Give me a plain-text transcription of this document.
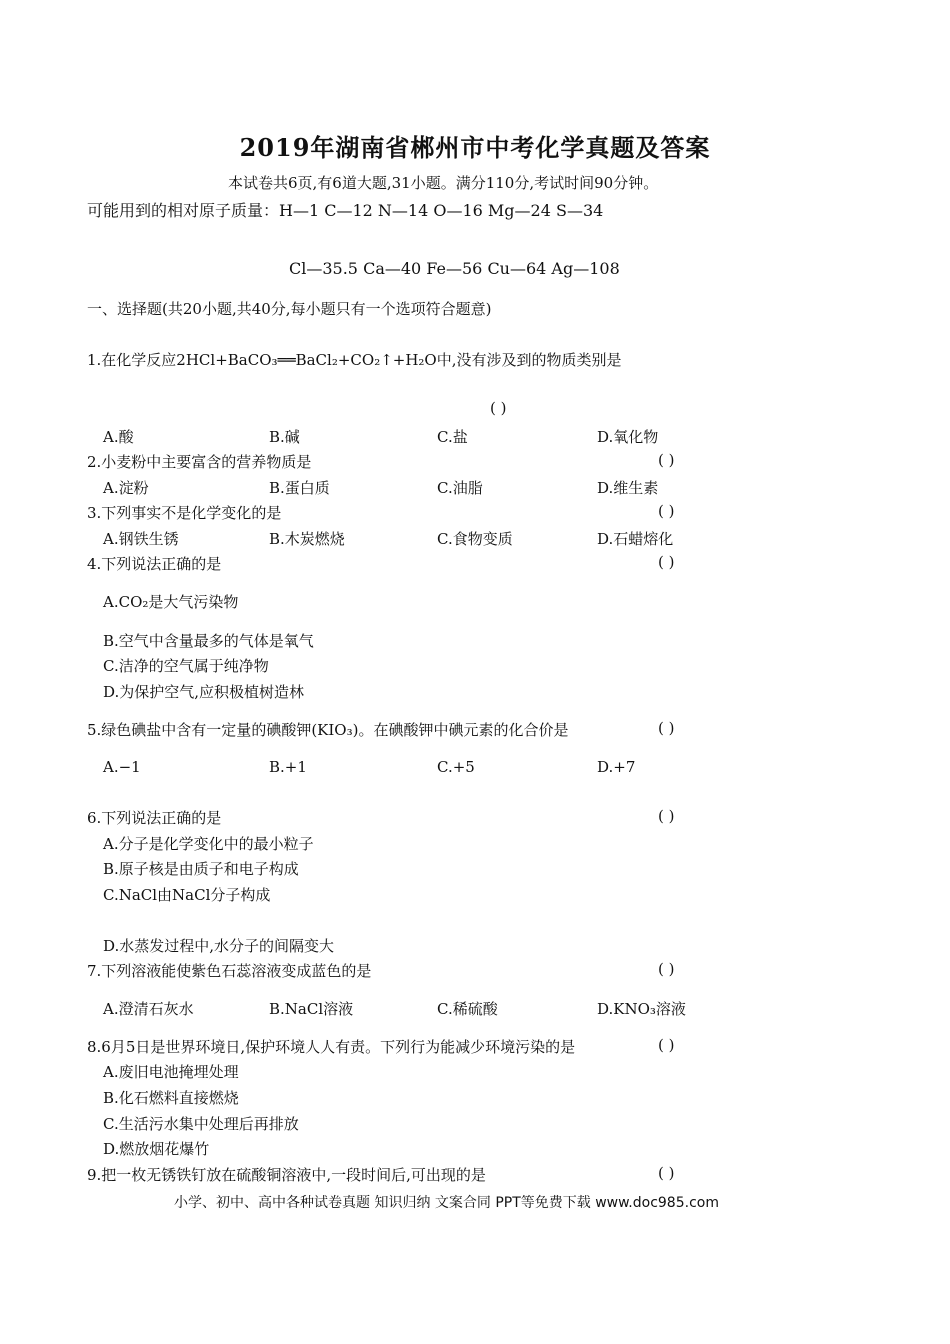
2019年湖南省郴州市中考化学真题及答案
本试卷共6页,有6道大题,31小题。满分110分,考试时间90分钟。
可能用到的相对原子质量：H—1 C—12 N—14 O—16 Mg—24 S—34
Cl—35.5 Ca—40 Fe—56 Cu—64 Ag—108
一、选择题(共20小题,共40分,每小题只有一个选项符合题意)
1.在化学反应2HCl+BaCO₃══BaCl₂+CO₂↑+H₂O中,没有涉及到的物质类别是
( )
A.酸	B.碱	C.盐	D.氧化物
2.小麦粉中主要富含的营养物质是	( )
A.淀粉	B.蛋白质	C.油脂	D.维生素
3.下列事实不是化学变化的是	( )
A.钢铁生锈	B.木炭燃烧	C.食物变质	D.石蜡熔化
4.下列说法正确的是	( )
A.CO₂是大气污染物
B.空气中含量最多的气体是氧气
C.洁净的空气属于纯净物
D.为保护空气,应积极植树造林
5.绿色碘盐中含有一定量的碘酸钾(KIO₃)。在碘酸钾中碘元素的化合价是	( )
A.−1	B.+1	C.+5	D.+7
6.下列说法正确的是	( )
A.分子是化学变化中的最小粒子
B.原子核是由质子和电子构成
C.NaCl由NaCl分子构成
D.水蒸发过程中,水分子的间隔变大
7.下列溶液能使紫色石蕊溶液变成蓝色的是	( )
A.澄清石灰水	B.NaCl溶液	C.稀硫酸	D.KNO₃溶液
8.6月5日是世界环境日,保护环境人人有责。下列行为能减少环境污染的是	( )
A.废旧电池掩埋处理
B.化石燃料直接燃烧
C.生活污水集中处理后再排放
D.燃放烟花爆竹
9.把一枚无锈铁钉放在硫酸铜溶液中,一段时间后,可出现的是	( )
小学、初中、高中各种试卷真题 知识归纳 文案合同 PPT等免费下载 www.doc985.com
